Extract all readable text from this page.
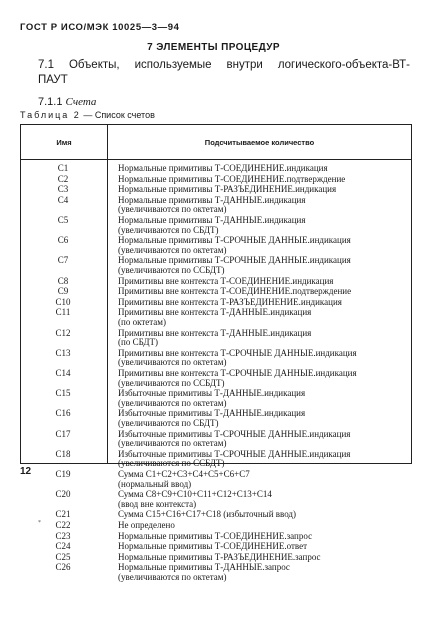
ГОСТ Р ИСО/МЭК 10025—3—94
7 ЭЛЕМЕНТЫ ПРОЦЕДУР
7.1 Объекты, используемые внутри логического-объекта-ВТ-
ПАУТ
7.1.1 Счета
Таблица 2 — Список счетов
Имя	Подсчитываемое количество
C1	Нормальные примитивы Т-СОЕДИНЕНИЕ.индикация
C2	Нормальные примитивы Т-СОЕДИНЕНИЕ.подтверждение
C3	Нормальные примитивы Т-РАЗЪЕДИНЕНИЕ.индикация
C4	Нормальные примитивы Т-ДАННЫЕ.индикация
(увеличиваются по октетам)
C5	Нормальные примитивы Т-ДАННЫЕ.индикация
(увеличиваются по СБДТ)
C6	Нормальные примитивы Т-СРОЧНЫЕ ДАННЫЕ.индикация
(увеличиваются по октетам)
C7	Нормальные примитивы Т-СРОЧНЫЕ ДАННЫЕ.индикация
(увеличиваются по ССБДТ)
C8	Примитивы вне контекста Т-СОЕДИНЕНИЕ.индикация
C9	Примитивы вне контекста Т-СОЕДИНЕНИЕ.подтверждение
C10	Примитивы вне контекста Т-РАЗЪЕДИНЕНИЕ.индикация
C11	Примитивы вне контекста Т-ДАННЫЕ.индикация
(по октетам)
C12	Примитивы вне контекста Т-ДАННЫЕ.индикация
(по СБДТ)
C13	Примитивы вне контекста Т-СРОЧНЫЕ ДАННЫЕ.индикация
(увеличиваются по октетам)
C14	Примитивы вне контекста Т-СРОЧНЫЕ ДАННЫЕ.индикация
(увеличиваются по ССБДТ)
C15	Избыточные примитивы Т-ДАННЫЕ.индикация
(увеличиваются по октетам)
C16	Избыточные примитивы Т-ДАННЫЕ.индикация
(увеличиваются по СБДТ)
C17	Избыточные примитивы Т-СРОЧНЫЕ ДАННЫЕ.индикация
(увеличиваются по октетам)
C18	Избыточные примитивы Т-СРОЧНЫЕ ДАННЫЕ.индикация
(увеличиваются по ССБДТ)
C19	Сумма C1+C2+C3+C4+C5+C6+C7
(нормальный ввод)
C20	Сумма C8+C9+C10+C11+C12+C13+C14
(ввод вне контекста)
C21	Сумма C15+C16+C17+C18 (избыточный ввод)
C22	Не определено
C23	Нормальные примитивы Т-СОЕДИНЕНИЕ.запрос
C24	Нормальные примитивы Т-СОЕДИНЕНИЕ.ответ
C25	Нормальные примитивы Т-РАЗЪЕДИНЕНИЕ.запрос
C26	Нормальные примитивы Т-ДАННЫЕ.запрос
(увеличиваются по октетам)
12
*
